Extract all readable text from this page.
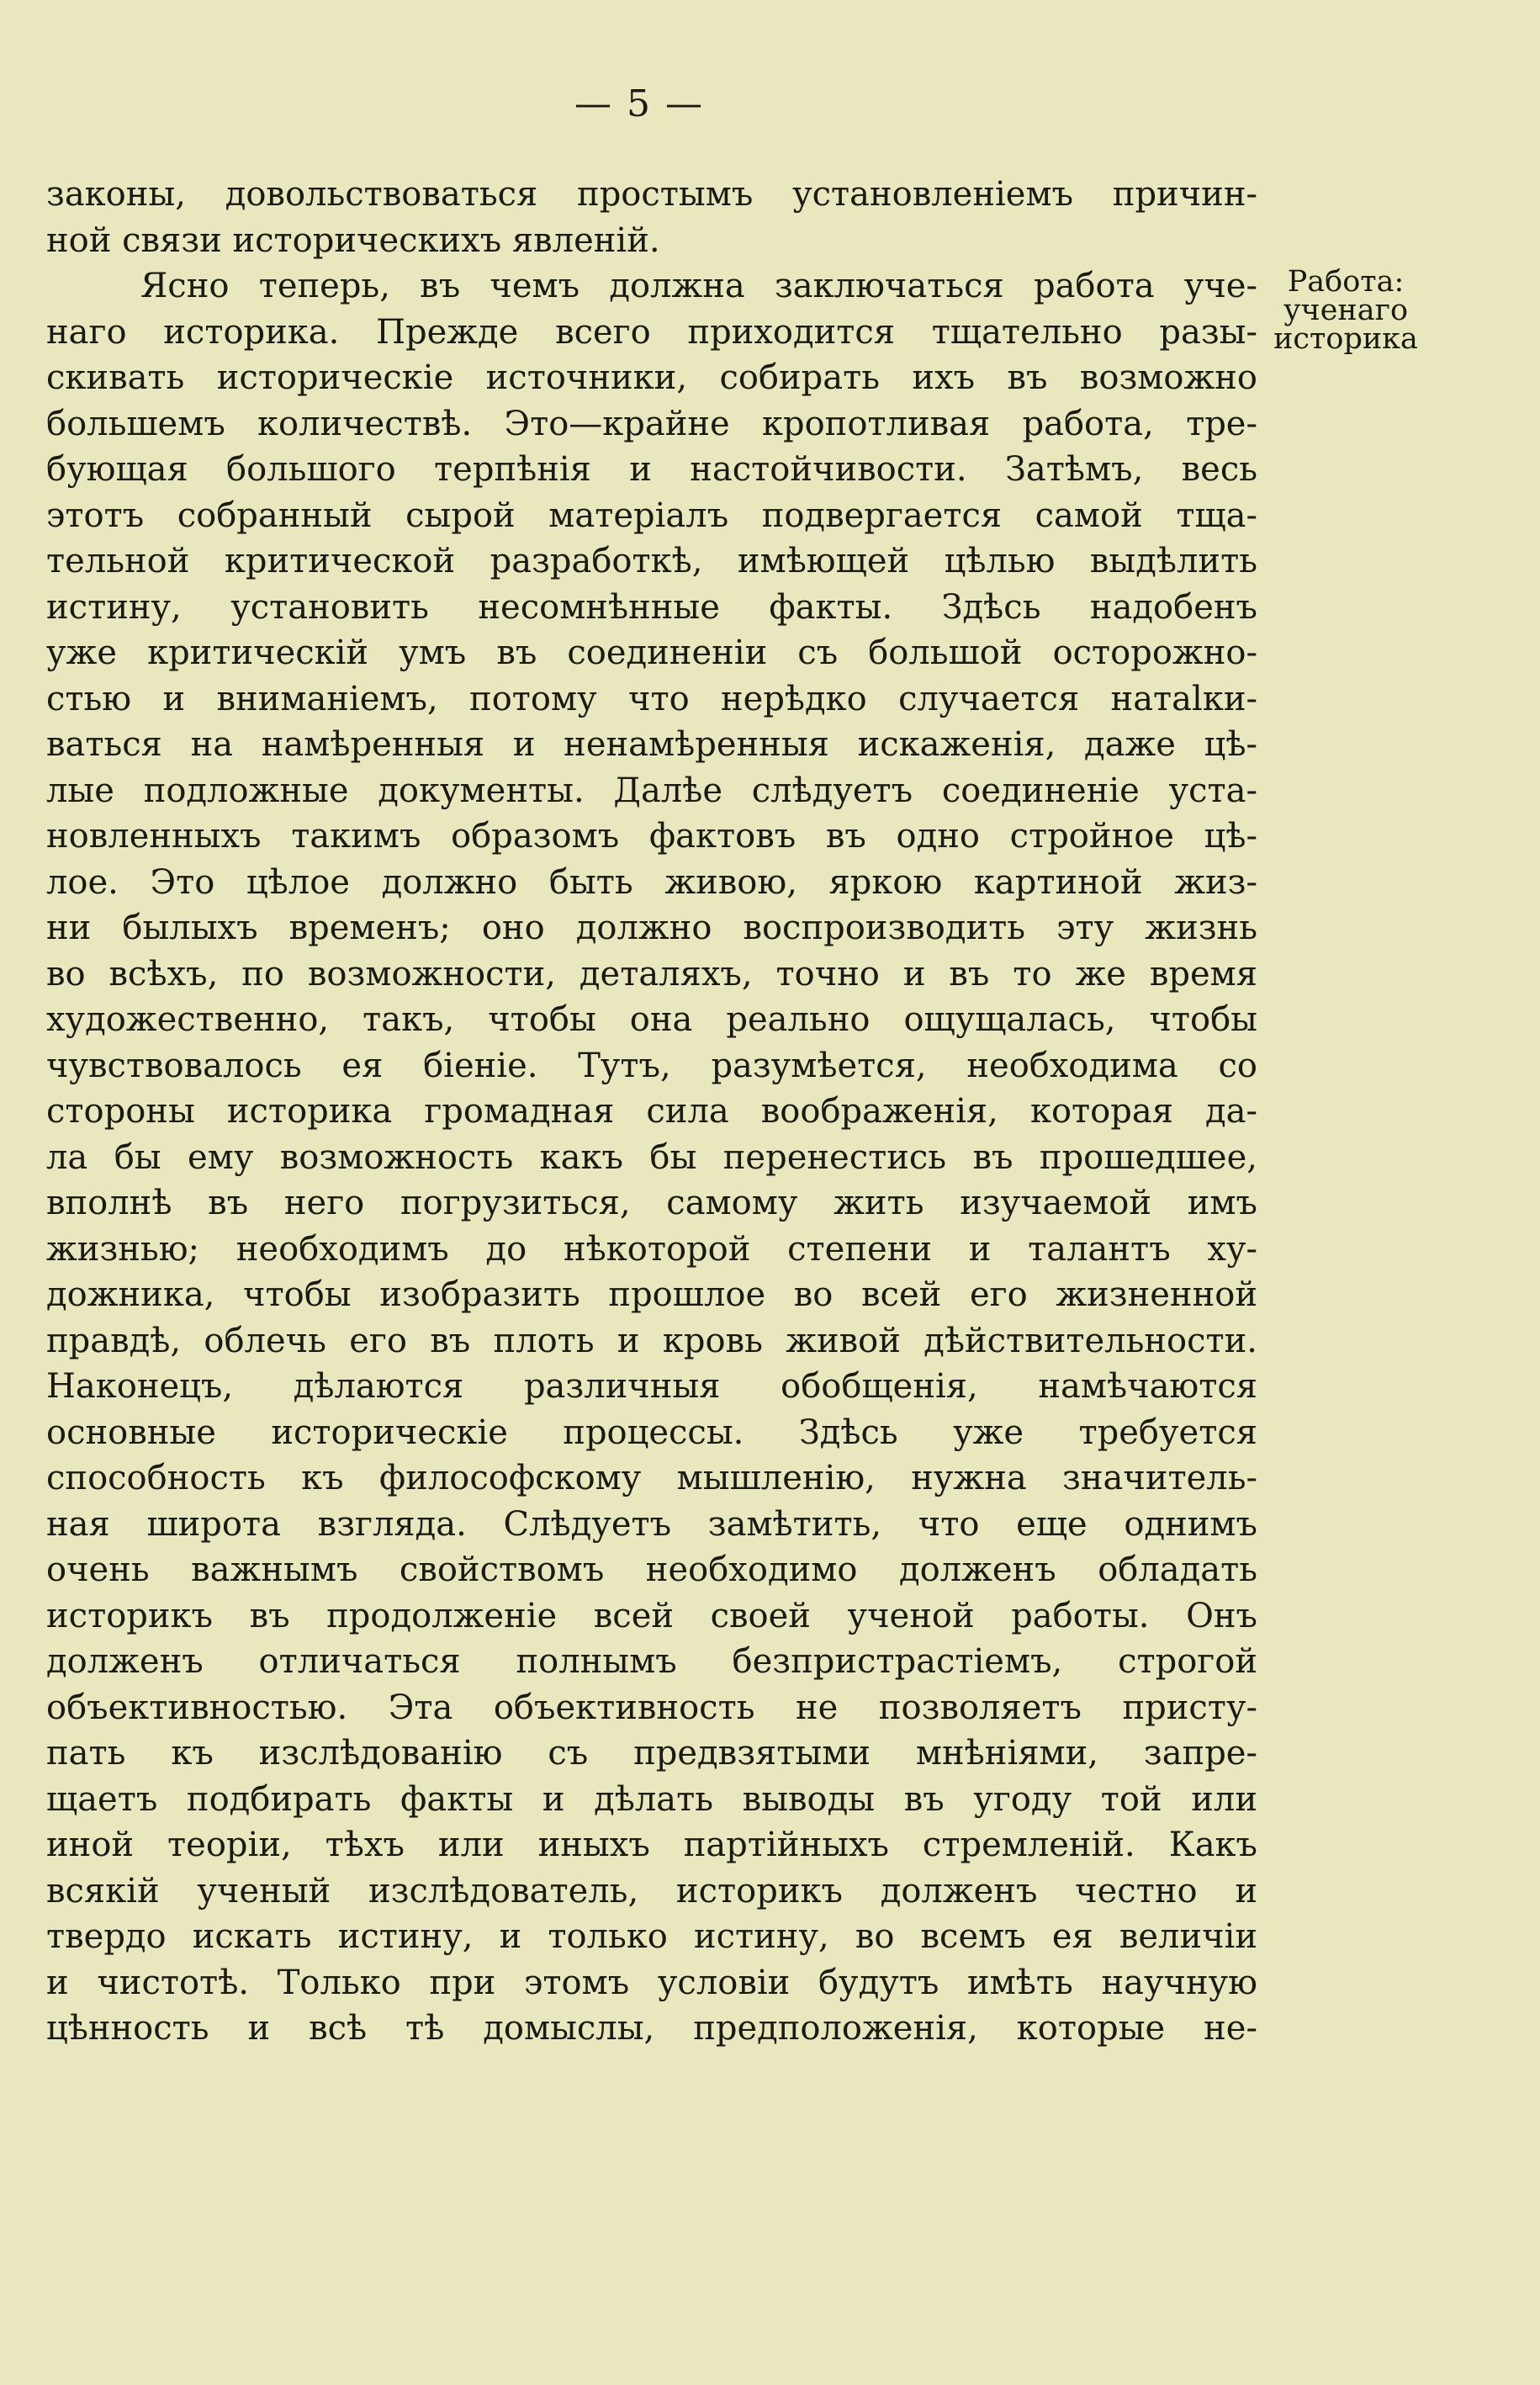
— 5 —
Работа:
ученаго
историка
законы, довольствоваться простымъ установленіемъ причин-
ной связи историческихъ явленій.
Ясно теперь, въ чемъ должна заключаться работа уче-
наго историка. Прежде всего приходится тщательно разы-
скивать историческіе источники, собирать ихъ въ возможно
большемъ количествѣ. Это—крайне кропотливая работа, тре-
бующая большого терпѣнія и настойчивости. Затѣмъ, весь
этотъ собранный сырой матеріалъ подвергается самой тща-
тельной критической разработкѣ, имѣющей цѣлью выдѣлить
истину, установить несомнѣнные факты. Здѣсь надобенъ
уже критическій умъ въ соединеніи съ большой осторожно-
стью и вниманіемъ, потому что нерѣдко случается натalки-
ваться на намѣренныя и ненамѣренныя искаженія, даже цѣ-
лые подложные документы. Далѣе слѣдуетъ соединеніе уста-
новленныхъ такимъ образомъ фактовъ въ одно стройное цѣ-
лое. Это цѣлое должно быть живою, яркою картиной жиз-
ни былыхъ временъ; оно должно воспроизводить эту жизнь
во всѣхъ, по возможности, деталяхъ, точно и въ то же время
художественно, такъ, чтобы она реально ощущалась, чтобы
чувствовалось ея біеніе. Тутъ, разумѣется, необходима со
стороны историка громадная сила воображенія, которая да-
ла бы ему возможность какъ бы перенестись въ прошедшее,
вполнѣ въ него погрузиться, самому жить изучаемой имъ
жизнью; необходимъ до нѣкоторой степени и талантъ ху-
дожника, чтобы изобразить прошлое во всей его жизненной
правдѣ, облечь его въ плоть и кровь живой дѣйствительности.
Наконецъ, дѣлаются различныя обобщенія, намѣчаются
основные историческіе процессы. Здѣсь уже требуется
способность къ философскому мышленію, нужна значитель-
ная широта взгляда. Слѣдуетъ замѣтить, что еще однимъ
очень важнымъ свойствомъ необходимо долженъ обладать
историкъ въ продолженіе всей своей ученой работы. Онъ
долженъ отличаться полнымъ безпристрастіемъ, строгой
объективностью. Эта объективность не позволяетъ присту-
пать къ изслѣдованію съ предвзятыми мнѣніями, запре-
щаетъ подбирать факты и дѣлать выводы въ угоду той или
иной теоріи, тѣхъ или иныхъ партійныхъ стремленій. Какъ
всякій ученый изслѣдователь, историкъ долженъ честно и
твердо искать истину, и только истину, во всемъ ея величіи
и чистотѣ. Только при этомъ условіи будутъ имѣть научную
цѣнность и всѣ тѣ домыслы, предположенія, которые не-
